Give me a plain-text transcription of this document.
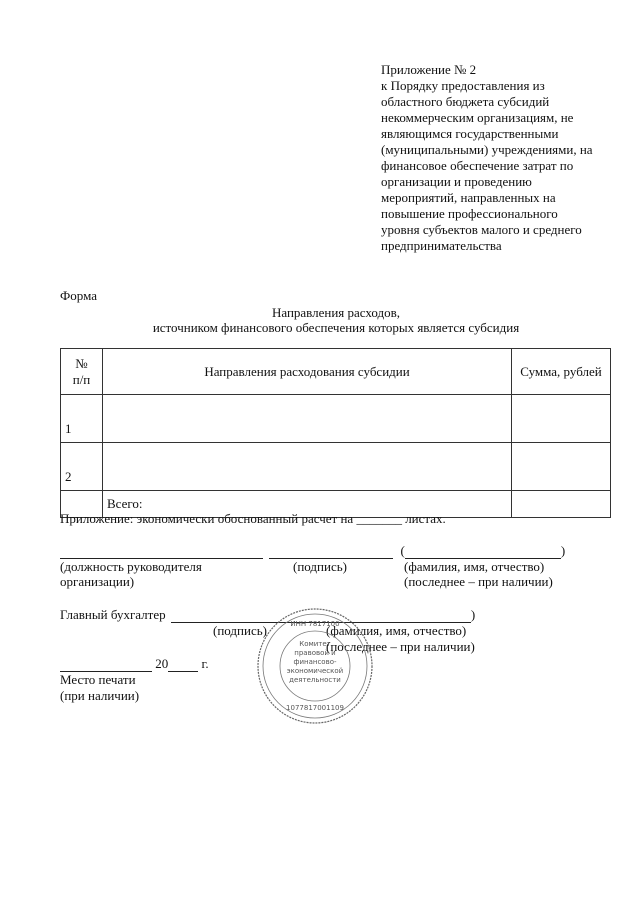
Приложение № 2
к Порядку предоставления из
областного бюджета субсидий
некоммерческим организациям, не
являющимся государственными
(муниципальными) учреждениями, на
финансовое обеспечение затрат по
организации и проведению
мероприятий, направленных на
повышение профессионального
уровня субъектов малого и среднего
предпринимательства
Форма
Направления расходов,
источником финансового обеспечения которых является субсидия
№
п/п	Направления расходования субсидии	Сумма, рублей
1		
2		
	Всего:	
Приложение: экономически обоснованный расчет на _______ листах.
(	)
(должность руководителя
организации)
(подпись)	(фамилия, имя, отчество)
(последнее – при наличии)
Главный бухгалтер	)
(подпись)	(фамилия, имя, отчество)
(последнее – при наличии)
20	г.
Место печати
(при наличии)
ИНН 7817100
Комитет
правовой и
финансово-
экономической
деятельности
1077817001109
